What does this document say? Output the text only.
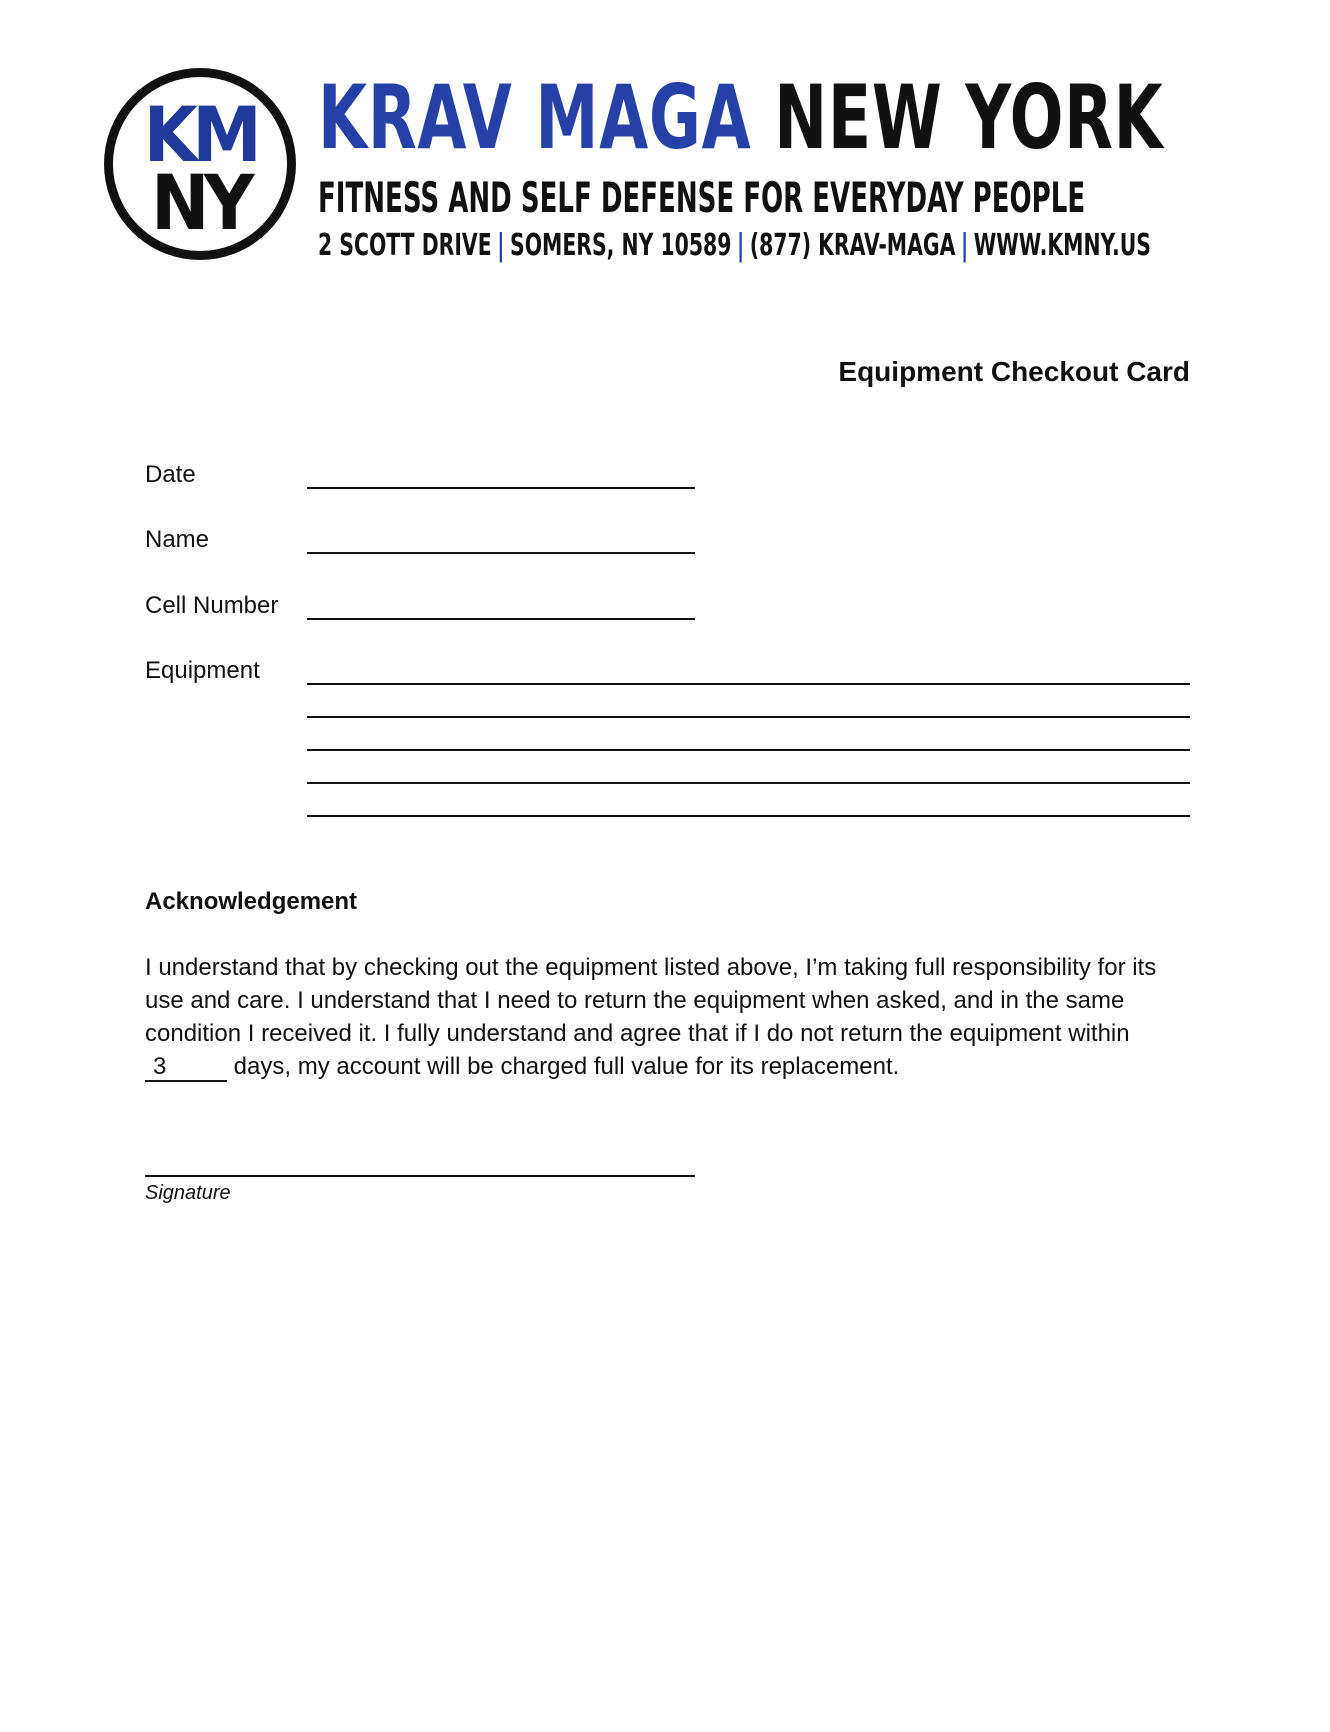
KM
NY
KRAV MAGA NEW YORK
FITNESS AND SELF DEFENSE FOR EVERYDAY PEOPLE
2 SCOTT DRIVE | SOMERS, NY 10589 | (877) KRAV-MAGA | WWW.KMNY.US
Equipment Checkout Card
Date
Name
Cell Number
Equipment
Acknowledgement
I understand that by checking out the equipment listed above, I’m taking full responsibility for its use and care. I understand that I need to return the equipment when asked, and in the same condition I received it. I fully understand and agree that if I do not return the equipment within 3	days, my account will be charged full value for its replacement.
Signature
